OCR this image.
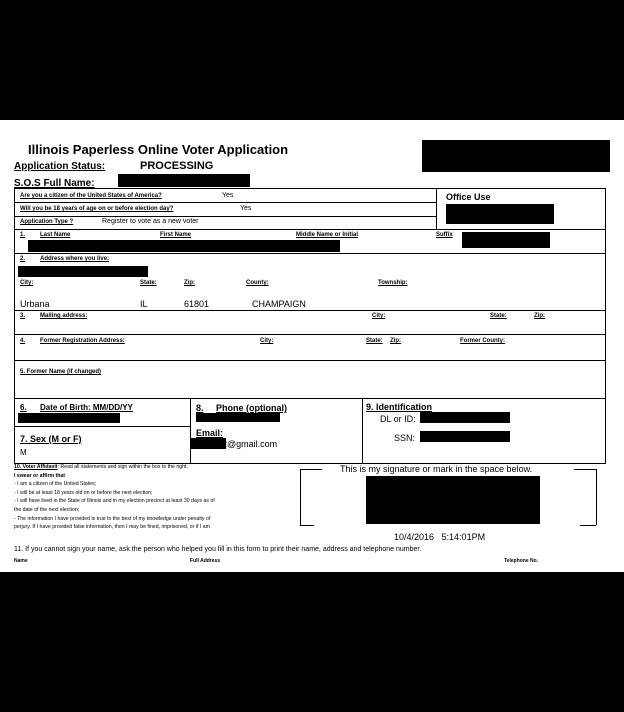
Illinois Paperless Online Voter Application
Application Status:	PROCESSING
S.O.S Full Name:
Are you a citizen of the United States of America?	Yes
Will you be 18 years of age on or before election day?	Yes
Application Type ?	Register to vote as a new voter
Office Use
1. Last Name	First Name	Middle Name or Initial	Suffix
2. Address where you live:
City:	State:	Zip:	County:	Township:
Urbana	IL	61801	CHAMPAIGN
3. Mailing address:	City:	State:	Zip:
4. Former Registration Address:	City:	State: Zip:	Former County:
5. Former Name (if changed)
6. Date of Birth: MM/DD/YY	8. Phone (optional)
Email:
2@gmail.com
9. Identification
DL or ID:
SSN:
7. Sex (M or F)
M
10. Voter Affidavit: Read all statements and sign within the box to the right.
I swear or affirm that
- I am a citizen of the United States;
- I will be at least 18 years old on or before the next election;
- I will have lived in the State of Illinois and in my election precinct at least 30 days as of
the date of the next election;
- The information I have provided is true to the best of my knowledge under penalty of
perjury. If I have provided false information, then I may be fined, imprisoned, or if I am
This is my signature or mark in the space below.
10/4/2016   5:14:01PM
11. If you cannot sign your name, ask the person who helped you fill in this form to print their name, address and telephone number.
Name	Full Address	Telephone No.
